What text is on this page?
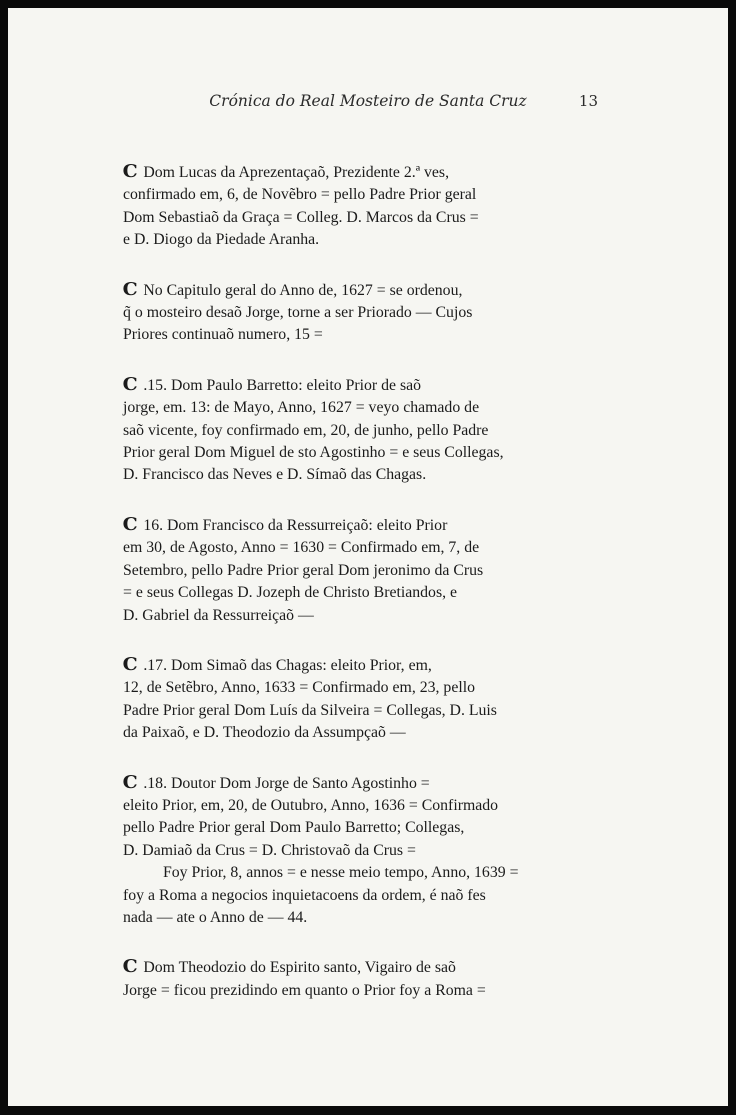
Crónica do Real Mosteiro de Santa Cruz	13

Ⅽ Dom Lucas da Aprezentaçaõ, Prezidente 2.ª ves,
confirmado em, 6, de Novẽbro = pello Padre Prior geral
Dom Sebastiaõ da Graça = Colleg. D. Marcos da Crus =
e D. Diogo da Piedade Aranha.

Ⅽ No Capitulo geral do Anno de, 1627 = se ordenou,
q̃ o mosteiro desaõ Jorge, torne a ser Priorado — Cujos
Priores continuaõ numero, 15 =

Ⅽ .15. Dom Paulo Barretto: eleito Prior de saõ
jorge, em. 13: de Mayo, Anno, 1627 = veyo chamado de
saõ vicente, foy confirmado em, 20, de junho, pello Padre
Prior geral Dom Miguel de sto Agostinho = e seus Collegas,
D. Francisco das Neves e D. Símaõ das Chagas.

Ⅽ 16. Dom Francisco da Ressurreiçaõ: eleito Prior
em 30, de Agosto, Anno = 1630 = Confirmado em, 7, de
Setembro, pello Padre Prior geral Dom jeronimo da Crus
= e seus Collegas D. Jozeph de Christo Bretiandos, e
D. Gabriel da Ressurreiçaõ —

Ⅽ .17. Dom Simaõ das Chagas: eleito Prior, em,
12, de Setẽbro, Anno, 1633 = Confirmado em, 23, pello
Padre Prior geral Dom Luís da Silveira = Collegas, D. Luis
da Paixaõ, e D. Theodozio da Assumpçaõ —

Ⅽ .18. Doutor Dom Jorge de Santo Agostinho =
eleito Prior, em, 20, de Outubro, Anno, 1636 = Confirmado
pello Padre Prior geral Dom Paulo Barretto; Collegas,
D. Damiaõ da Crus = D. Christovaõ da Crus =

Foy Prior, 8, annos = e nesse meio tempo, Anno, 1639 =
foy a Roma a negocios inquietacoens da ordem, é naõ fes
nada — ate o Anno de — 44.

Ⅽ Dom Theodozio do Espirito santo, Vigairo de saõ
Jorge = ficou prezidindo em quanto o Prior foy a Roma =
